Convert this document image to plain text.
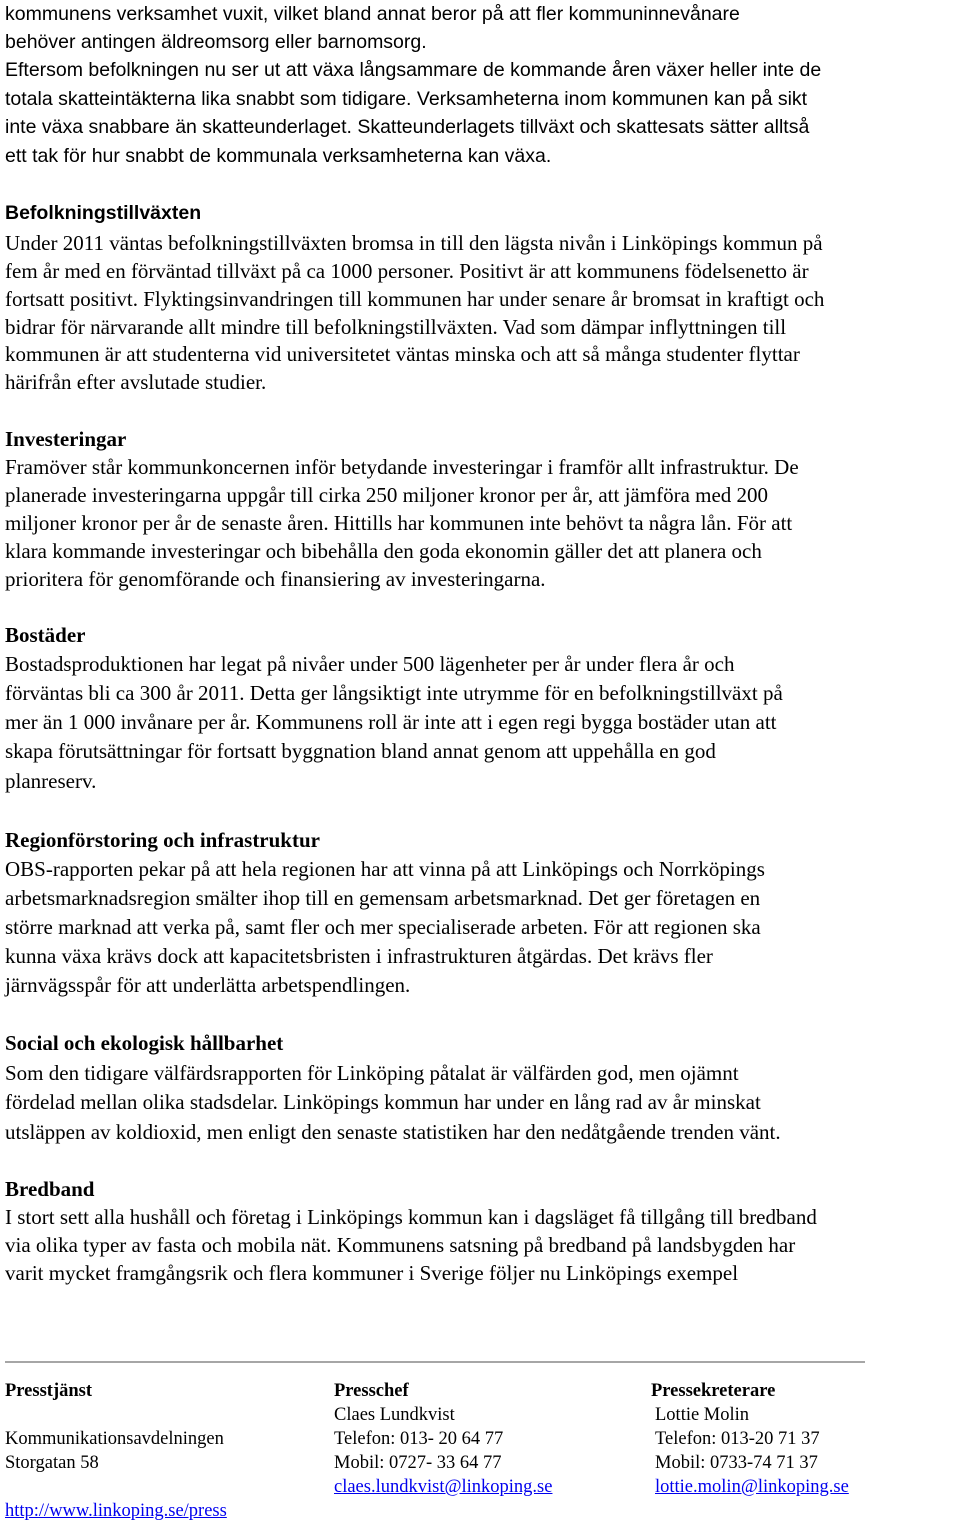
kommunens verksamhet vuxit, vilket bland annat beror på att fler kommuninnevånare
behöver antingen äldreomsorg eller barnomsorg.
Eftersom befolkningen nu ser ut att växa långsammare de kommande åren växer heller inte de
totala skatteintäkterna lika snabbt som tidigare. Verksamheterna inom kommunen kan på sikt
inte växa snabbare än skatteunderlaget. Skatteunderlagets tillväxt och skattesats sätter alltså
ett tak för hur snabbt de kommunala verksamheterna kan växa.
Befolkningstillväxten
Under 2011 väntas befolkningstillväxten bromsa in till den lägsta nivån i Linköpings kommun på
fem år med en förväntad tillväxt på ca 1000 personer. Positivt är att kommunens födelsenetto är
fortsatt positivt. Flyktingsinvandringen till kommunen har under senare år bromsat in kraftigt och
bidrar för närvarande allt mindre till befolkningstillväxten. Vad som dämpar inflyttningen till
kommunen är att studenterna vid universitetet väntas minska och att så många studenter flyttar
härifrån efter avslutade studier.
Investeringar
Framöver står kommunkoncernen inför betydande investeringar i framför allt infrastruktur. De
planerade investeringarna uppgår till cirka 250 miljoner kronor per år, att jämföra med 200
miljoner kronor per år de senaste åren. Hittills har kommunen inte behövt ta några lån. För att
klara kommande investeringar och bibehålla den goda ekonomin gäller det att planera och
prioritera för genomförande och finansiering av investeringarna.
Bostäder
Bostadsproduktionen har legat på nivåer under 500 lägenheter per år under flera år och
förväntas bli ca 300 år 2011. Detta ger långsiktigt inte utrymme för en befolkningstillväxt på
mer än 1 000 invånare per år. Kommunens roll är inte att i egen regi bygga bostäder utan att
skapa förutsättningar för fortsatt byggnation bland annat genom att uppehålla en god
planreserv.
Regionförstoring och infrastruktur
OBS-rapporten pekar på att hela regionen har att vinna på att Linköpings och Norrköpings
arbetsmarknadsregion smälter ihop till en gemensam arbetsmarknad. Det ger företagen en
större marknad att verka på, samt fler och mer specialiserade arbeten. För att regionen ska
kunna växa krävs dock att kapacitetsbristen i infrastrukturen åtgärdas. Det krävs fler
järnvägsspår för att underlätta arbetspendlingen.
Social och ekologisk hållbarhet
Som den tidigare välfärdsrapporten för Linköping påtalat är välfärden god, men ojämnt
fördelad mellan olika stadsdelar. Linköpings kommun har under en lång rad av år minskat
utsläppen av koldioxid, men enligt den senaste statistiken har den nedåtgående trenden vänt.
Bredband
I stort sett alla hushåll och företag i Linköpings kommun kan i dagsläget få tillgång till bredband
via olika typer av fasta och mobila nät. Kommunens satsning på bredband på landsbygden har
varit mycket framgångsrik och flera kommuner i Sverige följer nu Linköpings exempel
Presstjänst
Kommunikationsavdelningen
Storgatan 58
http://www.linkoping.se/press
Presschef
Claes Lundkvist
Telefon: 013- 20 64 77
Mobil: 0727- 33 64 77
claes.lundkvist@linkoping.se
Pressekreterare
Lottie Molin
Telefon: 013-20 71 37
Mobil: 0733-74 71 37
lottie.molin@linkoping.se
